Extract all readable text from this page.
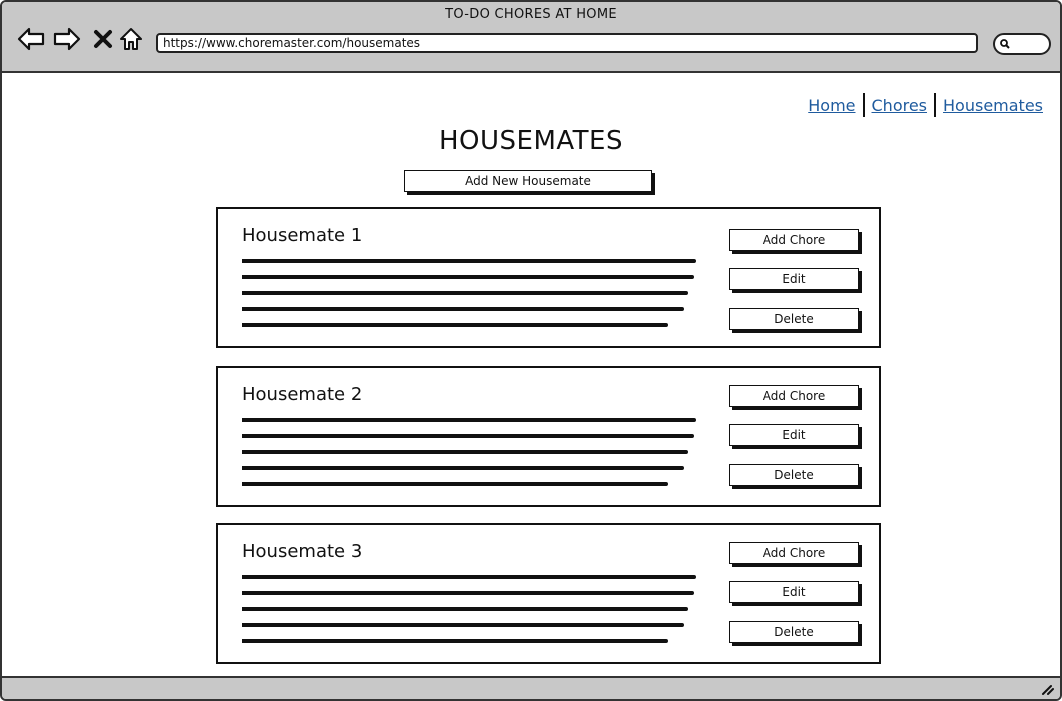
TO-DO CHORES AT HOME
https://www.choremaster.com/housemates
Home	Chores	Housemates
HOUSEMATES
Add New Housemate
Housemate 1	Add Chore
Edit
Delete
Housemate 2	Add Chore
Edit
Delete
Housemate 3	Add Chore
Edit
Delete
